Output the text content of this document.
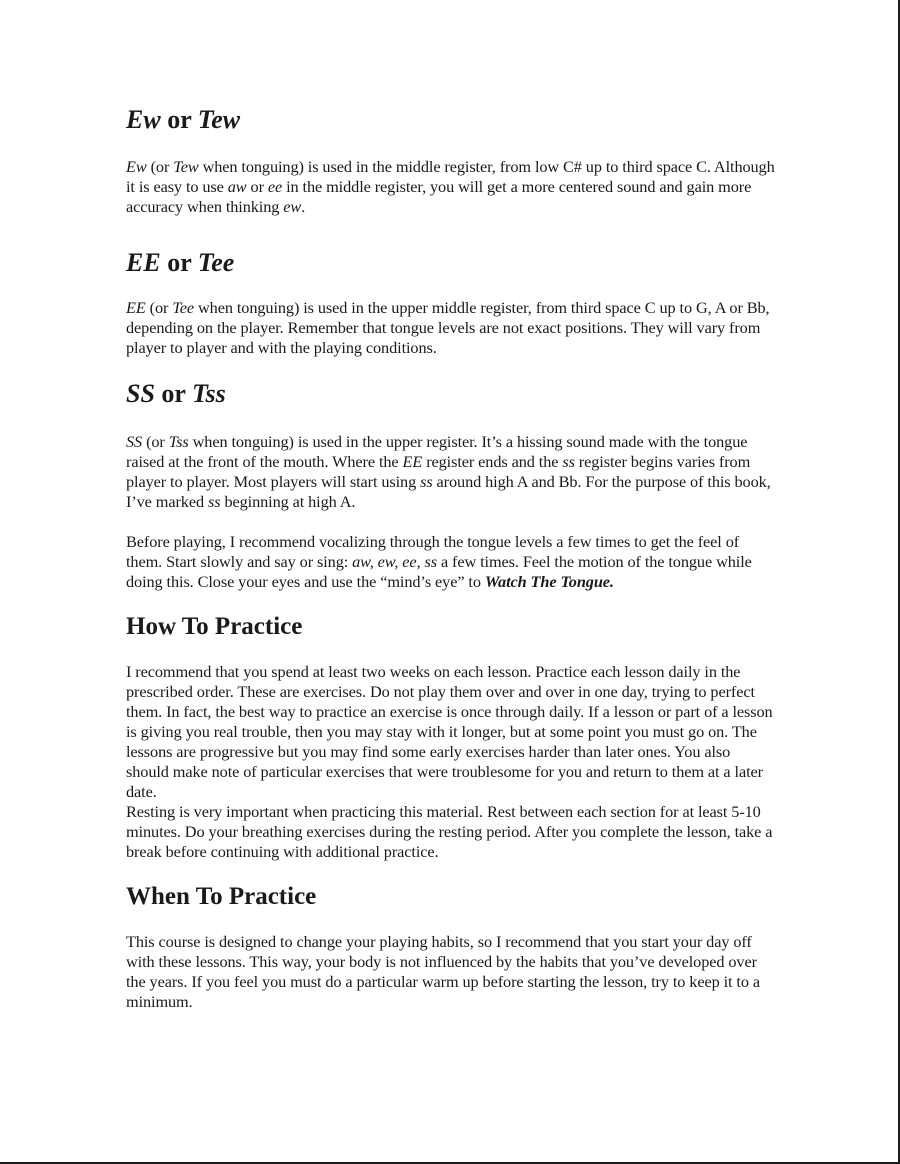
Ew or Tew

Ew (or Tew when tonguing) is used in the middle register, from low C# up to third space C. Although it is easy to use aw or ee in the middle register, you will get a more centered sound and gain more accuracy when thinking ew.

EE or Tee

EE (or Tee when tonguing) is used in the upper middle register, from third space C up to G, A or Bb, depending on the player. Remember that tongue levels are not exact positions. They will vary from player to player and with the playing conditions.

SS or Tss

SS (or Tss when tonguing) is used in the upper register. It’s a hissing sound made with the tongue raised at the front of the mouth. Where the EE register ends and the ss register begins varies from player to player. Most players will start using ss around high A and Bb. For the purpose of this book, I’ve marked ss beginning at high A.

Before playing, I recommend vocalizing through the tongue levels a few times to get the feel of them. Start slowly and say or sing: aw, ew, ee, ss a few times. Feel the motion of the tongue while doing this. Close your eyes and use the “mind’s eye” to Watch The Tongue.

How To Practice

I recommend that you spend at least two weeks on each lesson. Practice each lesson daily in the prescribed order. These are exercises. Do not play them over and over in one day, trying to perfect them. In fact, the best way to practice an exercise is once through daily. If a lesson or part of a lesson is giving you real trouble, then you may stay with it longer, but at some point you must go on. The lessons are progressive but you may find some early exercises harder than later ones. You also should make note of particular exercises that were troublesome for you and return to them at a later date.
Resting is very important when practicing this material. Rest between each section for at least 5-10 minutes. Do your breathing exercises during the resting period. After you complete the lesson, take a break before continuing with additional practice.

When To Practice

This course is designed to change your playing habits, so I recommend that you start your day off with these lessons. This way, your body is not influenced by the habits that you’ve developed over the years. If you feel you must do a particular warm up before starting the lesson, try to keep it to a minimum.
